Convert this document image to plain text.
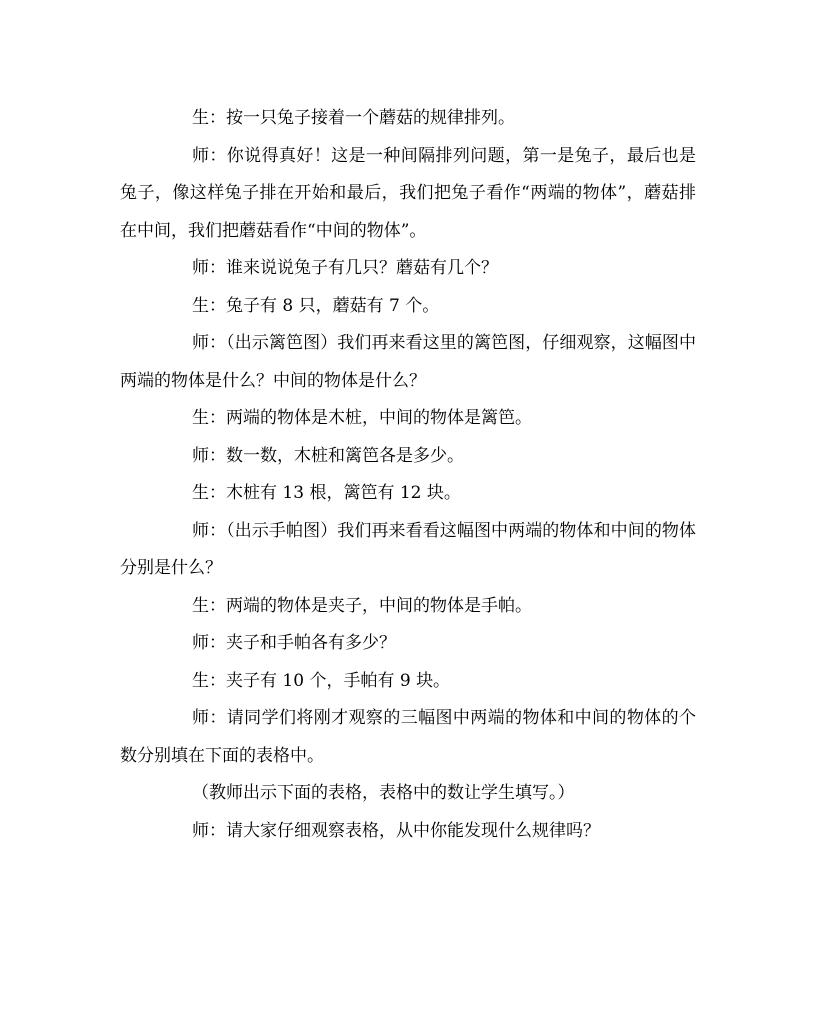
生：按一只兔子接着一个蘑菇的规律排列。

师：你说得真好！这是一种间隔排列问题，第一是兔子，最后也是兔子，像这样兔子排在开始和最后，我们把兔子看作“两端的物体”，蘑菇排在中间，我们把蘑菇看作“中间的物体”。

师：谁来说说兔子有几只？蘑菇有几个？

生：兔子有 8 只，蘑菇有 7 个。

师：（出示篱笆图）我们再来看这里的篱笆图，仔细观察，这幅图中两端的物体是什么？中间的物体是什么？

生：两端的物体是木桩，中间的物体是篱笆。

师：数一数，木桩和篱笆各是多少。

生：木桩有 13 根，篱笆有 12 块。

师：（出示手帕图）我们再来看看这幅图中两端的物体和中间的物体分别是什么？

生：两端的物体是夹子，中间的物体是手帕。

师：夹子和手帕各有多少？

生：夹子有 10 个，手帕有 9 块。

师：请同学们将刚才观察的三幅图中两端的物体和中间的物体的个数分别填在下面的表格中。

（教师出示下面的表格，表格中的数让学生填写。）

师：请大家仔细观察表格，从中你能发现什么规律吗？
